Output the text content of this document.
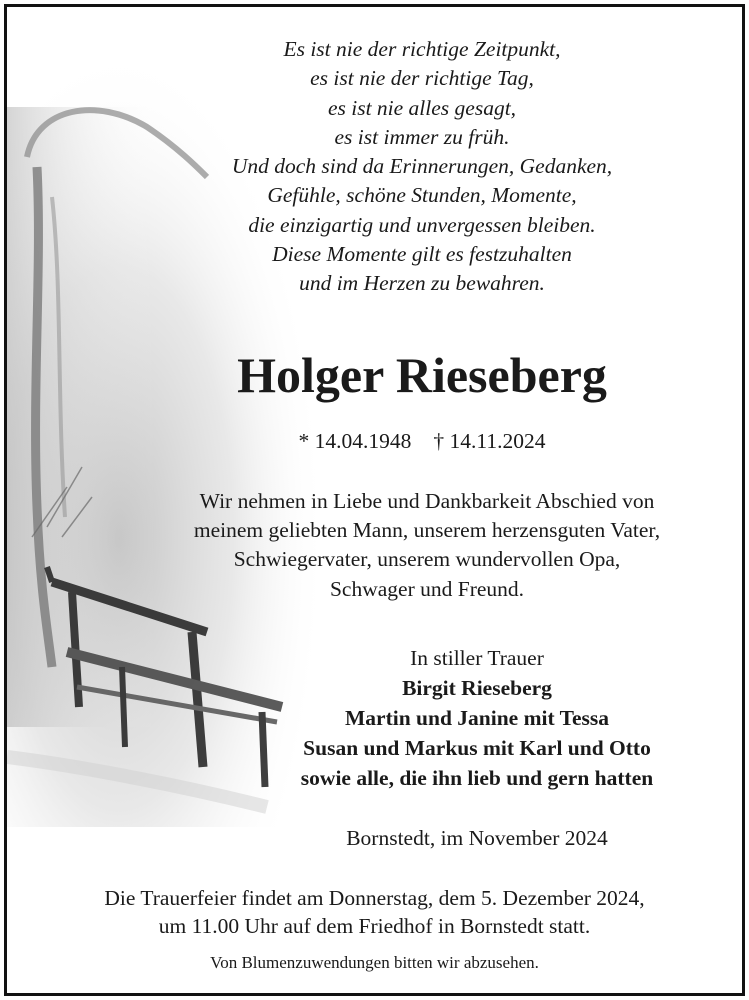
Es ist nie der richtige Zeitpunkt,
es ist nie der richtige Tag,
es ist nie alles gesagt,
es ist immer zu früh.
Und doch sind da Erinnerungen, Gedanken,
Gefühle, schöne Stunden, Momente,
die einzigartig und unvergessen bleiben.
Diese Momente gilt es festzuhalten
und im Herzen zu bewahren.
Holger Rieseberg
* 14.04.1948 † 14.11.2024
Wir nehmen in Liebe und Dankbarkeit Abschied von
meinem geliebten Mann, unserem herzensguten Vater,
Schwiegervater, unserem wundervollen Opa,
Schwager und Freund.
In stiller Trauer
Birgit Rieseberg
Martin und Janine mit Tessa
Susan und Markus mit Karl und Otto
sowie alle, die ihn lieb und gern hatten
Bornstedt, im November 2024
Die Trauerfeier findet am Donnerstag, dem 5. Dezember 2024,
um 11.00 Uhr auf dem Friedhof in Bornstedt statt.
Von Blumenzuwendungen bitten wir abzusehen.
